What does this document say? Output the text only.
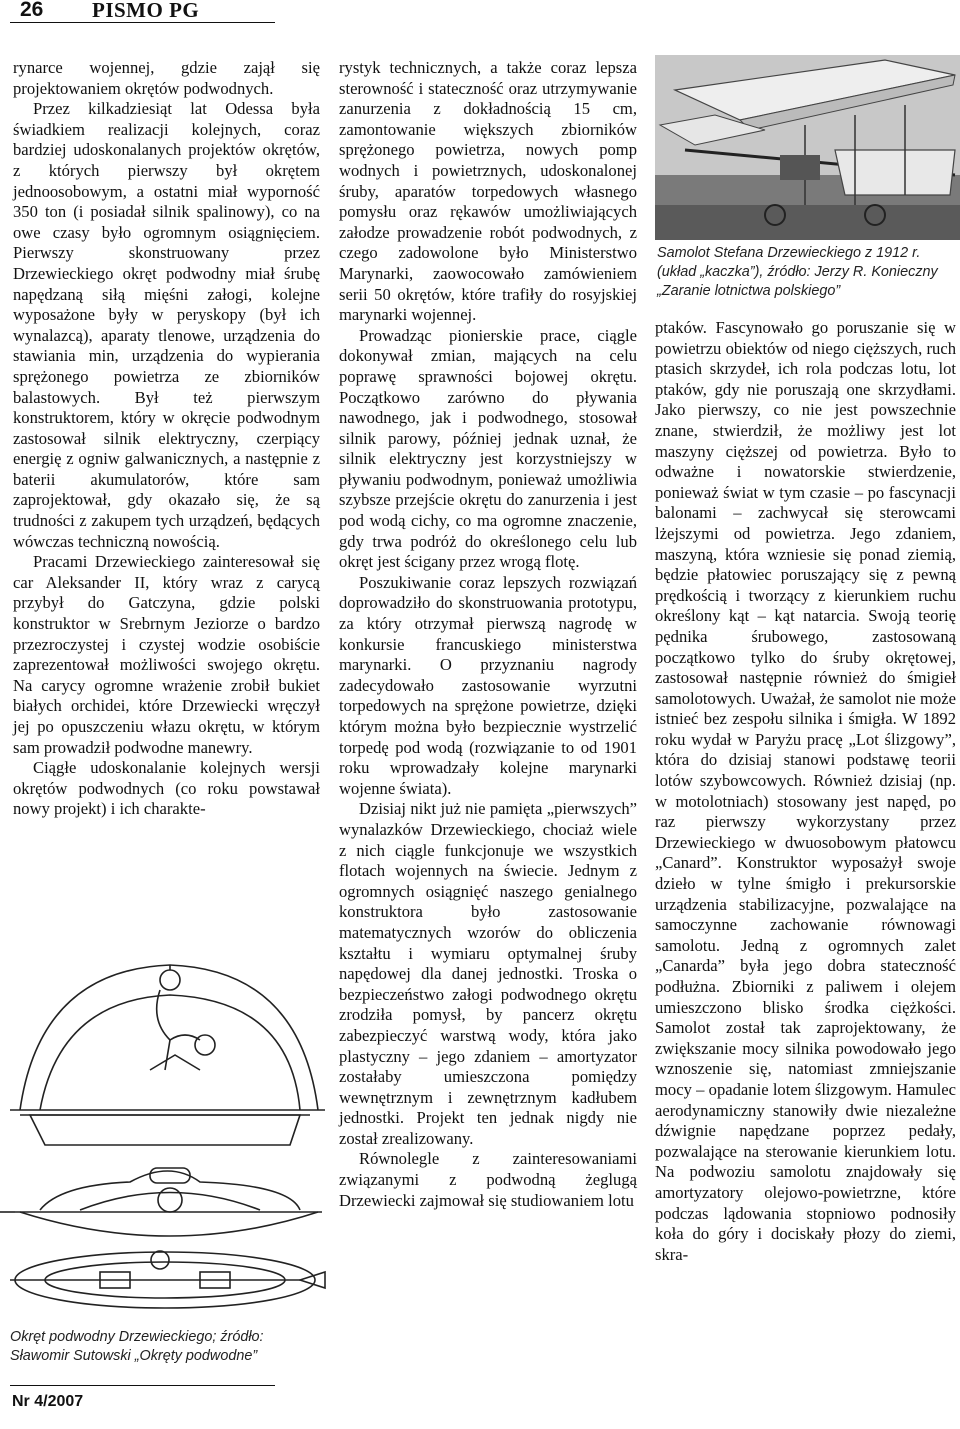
26 PISMO PG

rynarce wojennej, gdzie zajął się projektowaniem okrętów podwodnych.

Przez kilkadziesiąt lat Odessa była świadkiem realizacji kolejnych, coraz bardziej udoskonalanych projektów okrętów, z których pierwszy był okrętem jednoosobowym, a ostatni miał wyporność 350 ton (i posiadał silnik spalinowy), co na owe czasy było ogromnym osiągnięciem. Pierwszy skonstruowany przez Drzewieckiego okręt podwodny miał śrubę napędzaną siłą mięśni załogi, kolejne wyposażone były w peryskopy (był ich wynalazcą), aparaty tlenowe, urządzenia do stawiania min, urządzenia do wypierania sprężonego powietrza ze zbiorników balastowych. Był też pierwszym konstruktorem, który w okręcie podwodnym zastosował silnik elektryczny, czerpiący energię z ogniw galwanicznych, a następnie z baterii akumulatorów, które sam zaprojektował, gdy okazało się, że są trudności z zakupem tych urządzeń, będących wówczas techniczną nowością.

Pracami Drzewieckiego zainteresował się car Aleksander II, który wraz z carycą przybył do Gatczyna, gdzie polski konstruktor w Srebrnym Jeziorze o bardzo przezroczystej i czystej wodzie osobiście zaprezentował możliwości swojego okrętu. Na carycy ogromne wrażenie zrobił bukiet białych orchidei, które Drzewiecki wręczył jej po opuszczeniu włazu okrętu, w którym sam prowadził podwodne manewry.

Ciągłe udoskonalanie kolejnych wersji okrętów podwodnych (co roku powstawał nowy projekt) i ich charakte-

rystyk technicznych, a także coraz lepsza sterowność i stateczność oraz utrzymywanie zanurzenia z dokładnością 15 cm, zamontowanie większych zbiorników sprężonego powietrza, nowych pomp wodnych i powietrznych, udoskonalonej śruby, aparatów torpedowych własnego pomysłu oraz rękawów umożliwiających załodze prowadzenie robót podwodnych, z czego zadowolone było Ministerstwo Marynarki, zaowocowało zamówieniem serii 50 okrętów, które trafiły do rosyjskiej marynarki wojennej.

Prowadząc pionierskie prace, ciągle dokonywał zmian, mających na celu poprawę sprawności bojowej okrętu. Początkowo zarówno do pływania nawodnego, jak i podwodnego, stosował silnik parowy, później jednak uznał, że silnik elektryczny jest korzystniejszy w pływaniu podwodnym, ponieważ umożliwia szybsze przejście okrętu do zanurzenia i jest pod wodą cichy, co ma ogromne znaczenie, gdy trwa podróż do określonego celu lub okręt jest ścigany przez wrogą flotę.

Poszukiwanie coraz lepszych rozwiązań doprowadziło do skonstruowania prototypu, za który otrzymał pierwszą nagrodę w konkursie francuskiego ministerstwa marynarki. O przyznaniu nagrody zadecydowało zastosowanie wyrzutni torpedowych na sprężone powietrze, dzięki którym można było bezpiecznie wystrzelić torpedę pod wodą (rozwiązanie to od 1901 roku wprowadzały kolejne marynarki wojenne świata).

Dzisiaj nikt już nie pamięta „pierwszych” wynalazków Drzewieckiego, chociaż wiele z nich ciągle funkcjonuje we wszystkich flotach wojennych na świecie. Jednym z ogromnych osiągnięć naszego genialnego konstruktora było zastosowanie matematycznych wzorów do obliczenia kształtu i wymiaru optymalnej śruby napędowej dla danej jednostki. Troska o bezpieczeństwo załogi podwodnego okrętu zrodziła pomysł, by pancerz okrętu zabezpieczyć warstwą wody, która jako plastyczny – jego zdaniem – amortyzator zostałaby umieszczona pomiędzy wewnętrznym i zewnętrznym kadłubem jednostki. Projekt ten jednak nigdy nie został zrealizowany.

Równolegle z zainteresowaniami związanymi z podwodną żeglugą Drzewiecki zajmował się studiowaniem lotu

ptaków. Fascynowało go poruszanie się w powietrzu obiektów od niego cięższych, ruch ptasich skrzydeł, ich rola podczas lotu, lot ptaków, gdy nie poruszają one skrzydłami. Jako pierwszy, co nie jest powszechnie znane, stwierdził, że możliwy jest lot maszyny cięższej od powietrza. Było to odważne i nowatorskie stwierdzenie, ponieważ świat w tym czasie – po fascynacji balonami – zachwycał się sterowcami lżejszymi od powietrza. Jego zdaniem, maszyną, która wzniesie się ponad ziemią, będzie płatowiec poruszający się z pewną prędkością i tworzący z kierunkiem ruchu określony kąt – kąt natarcia. Swoją teorię pędnika śrubowego, zastosowaną początkowo tylko do śruby okrętowej, zastosował następnie również do śmigieł samolotowych. Uważał, że samolot nie może istnieć bez zespołu silnika i śmigła. W 1892 roku wydał w Paryżu pracę „Lot ślizgowy”, która do dzisiaj stanowi podstawę teorii lotów szybowcowych. Również dzisiaj (np. w motolotniach) stosowany jest napęd, po raz pierwszy wykorzystany przez Drzewieckiego w dwuosobowym płatowcu „Canard”. Konstruktor wyposażył swoje dzieło w tylne śmigło i prekursorskie urządzenia stabilizacyjne, pozwalające na samoczynne zachowanie równowagi samolotu. Jedną z ogromnych zalet „Canarda” była jego dobra stateczność podłużna. Zbiorniki z paliwem i olejem umieszczono blisko środka ciężkości. Samolot został tak zaprojektowany, że zwiększanie mocy silnika powodowało jego wznoszenie się, natomiast zmniejszanie mocy – opadanie lotem ślizgowym. Hamulec aerodynamiczny stanowiły dwie niezależne dźwignie napędzane poprzez pedały, pozwalające na sterowanie kierunkiem lotu. Na podwoziu samolotu znajdowały się amortyzatory olejowo-powietrzne, które podczas lądowania stopniowo podnosiły koła do góry i dociskały płozy do ziemi, skra-

Okręt podwodny Drzewieckiego; źródło: Sławomir Sutowski „Okręty podwodne”
Samolot Stefana Drzewieckiego z 1912 r. (układ „kaczka”), źródło: Jerzy R. Konieczny „Zaranie lotnictwa polskiego”
Nr 4/2007
